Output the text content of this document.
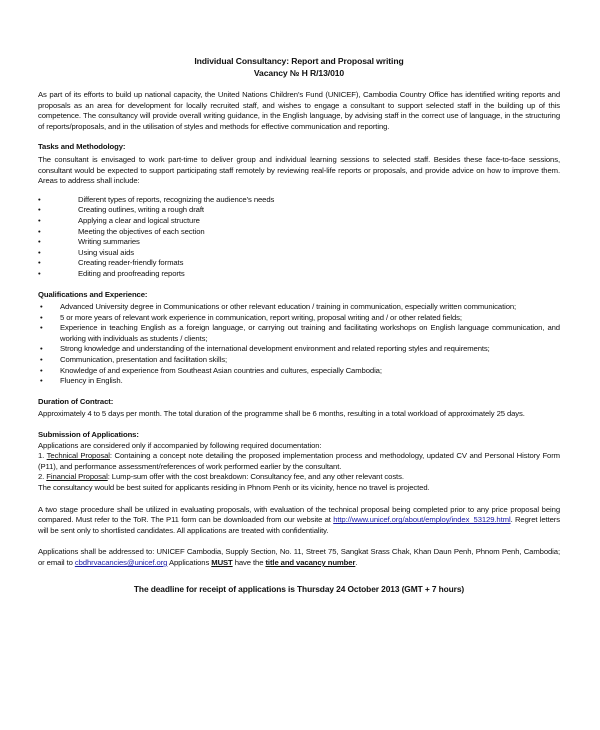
Individual Consultancy: Report and Proposal writing
Vacancy № H R/13/010

As part of its efforts to build up national capacity, the United Nations Children’s Fund (UNICEF), Cambodia Country Office has identified writing reports and proposals as an area for development for locally recruited staff, and wishes to engage a consultant to support selected staff in the building up of this competence. The consultancy will provide overall writing guidance, in the English language, by advising staff in the correct use of language, in the structuring of reports/proposals, and in the utilisation of styles and methods for effective communication and reporting.

Tasks and Methodology:

The consultant is envisaged to work part-time to deliver group and individual learning sessions to selected staff. Besides these face-to-face sessions, consultant would be expected to support participating staff remotely by reviewing real-life reports or proposals, and provide advice on how to improve them. Areas to address shall include:

•	Different types of reports, recognizing the audience’s needs
•	Creating outlines, writing a rough draft
•	Applying a clear and logical structure
•	Meeting the objectives of each section
•	Writing summaries
•	Using visual aids
•	Creating reader-friendly formats
•	Editing and proofreading reports
Qualifications and Experience:
• Advanced University degree in Communications or other relevant education / training in communication, especially written communication;
• 5 or more years of relevant work experience in communication, report writing, proposal writing and / or other related fields;
• Experience in teaching English as a foreign language, or carrying out training and facilitating workshops on English language communication, and working with individuals as students / clients;
• Strong knowledge and understanding of the international development environment and related reporting styles and requirements;
• Communication, presentation and facilitation skills;
• Knowledge of and experience from Southeast Asian countries and cultures, especially Cambodia;
• Fluency in English.
Duration of Contract:

Approximately 4 to 5 days per month. The total duration of the programme shall be 6 months, resulting in a total workload of approximately 25 days.

Submission of Applications:

Applications are considered only if accompanied by following required documentation:

1. Technical Proposal: Containing a concept note detailing the proposed implementation process and methodology, updated CV and Personal History Form (P11), and performance assessment/references of work performed earlier by the consultant.

2. Financial Proposal: Lump-sum offer with the cost breakdown: Consultancy fee, and any other relevant costs.

The consultancy would be best suited for applicants residing in Phnom Penh or its vicinity, hence no travel is projected.

A two stage procedure shall be utilized in evaluating proposals, with evaluation of the technical proposal being completed prior to any price proposal being compared. Must refer to the ToR. The P11 form can be downloaded from our website at http://www.unicef.org/about/employ/index_53129.html. Regret letters will be sent only to shortlisted candidates. All applications are treated with confidentiality.

Applications shall be addressed to: UNICEF Cambodia, Supply Section, No. 11, Street 75, Sangkat Srass Chak, Khan Daun Penh, Phnom Penh, Cambodia; or email to cbdhrvacancies@unicef.org Applications MUST have the title and vacancy number.

The deadline for receipt of applications is Thursday 24 October 2013 (GMT + 7 hours)
